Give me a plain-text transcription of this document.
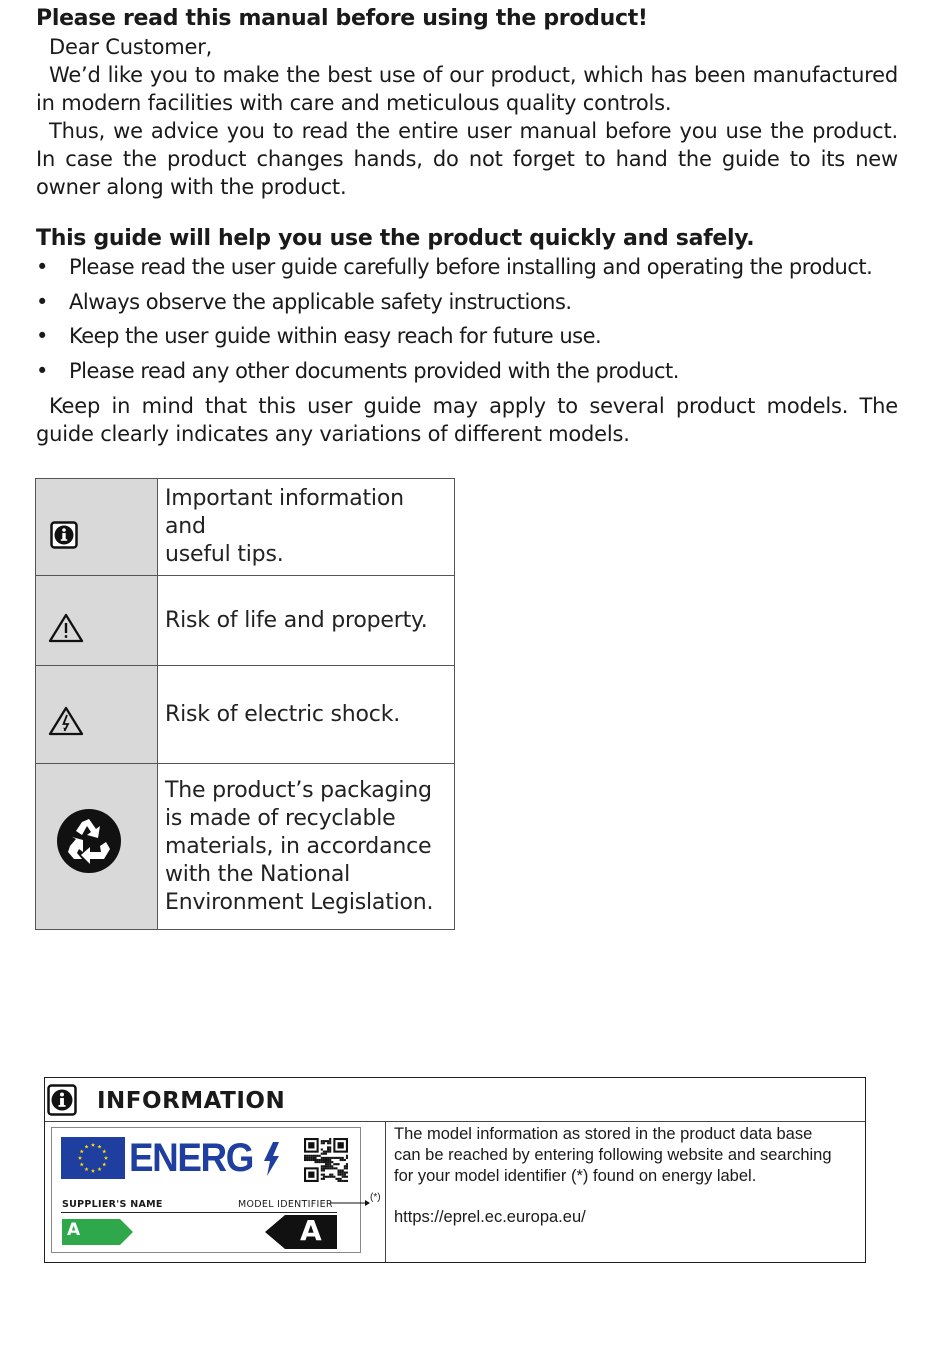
Please read this manual before using the product!

Dear Customer,

We’d like you to make the best use of our product, which has been manufactured in modern facilities with care and meticulous quality controls.

Thus, we advice you to read the entire user manual before you use the product. In case the product changes hands, do not forget to hand the guide to its new owner along with the product.

This guide will help you use the product quickly and safely.
• Please read the user guide carefully before installing and operating the product.
• Always observe the applicable safety instructions.
• Keep the user guide within easy reach for future use.
• Please read any other documents provided with the product.

Keep in mind that this user guide may apply to several product models. The guide clearly indicates any variations of different models.

Important information and
useful tips.

Risk of life and property.

Risk of electric shock.

The product’s packaging
is made of recyclable
materials, in accordance
with the National
Environment Legislation.
INFORMATION
ENERG
SUPPLIER'S NAME	MODEL IDENTIFIER
A	A
(*)
The model information as stored in the product data base
can be reached by entering following website and searching
for your model identifier (*) found on energy label.
https://eprel.ec.europa.eu/
